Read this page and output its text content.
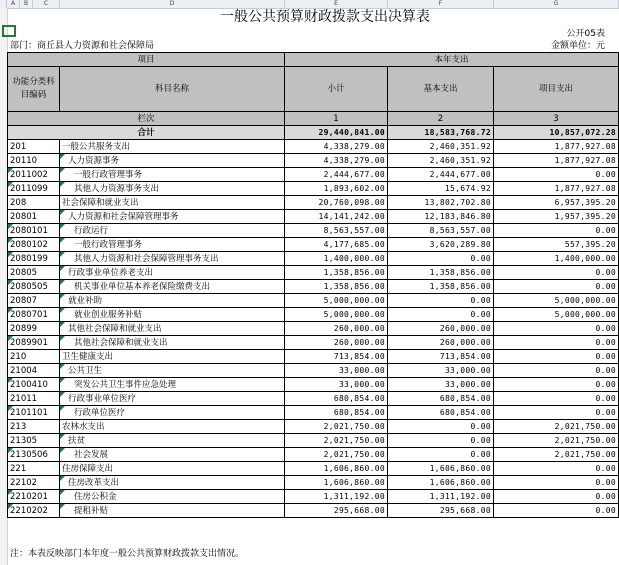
A	B	C	D	E	F	G
一般公共预算财政拨款支出决算表
公开05表
部门：商丘县人力资源和社会保障局	金额单位：元
项目		本年支出		
功能分类科目编码	科目名称	小计	基本支出	项目支出
栏次		1	2	3
合计		29,440,841.00	18,583,768.72	10,857,072.28
201	一般公共服务支出	4,338,279.00	2,460,351.92	1,877,927.08
20110	人力资源事务	4,338,279.00	2,460,351.92	1,877,927.08
2011002	一般行政管理事务	2,444,677.00	2,444,677.00	0.00
2011099	其他人力资源事务支出	1,893,602.00	15,674.92	1,877,927.08
208	社会保障和就业支出	20,760,098.00	13,802,702.80	6,957,395.20
20801	人力资源和社会保障管理事务	14,141,242.00	12,183,846.80	1,957,395.20
2080101	行政运行	8,563,557.00	8,563,557.00	0.00
2080102	一般行政管理事务	4,177,685.00	3,620,289.80	557,395.20
2080199	其他人力资源和社会保障管理事务支出	1,400,000.00	0.00	1,400,000.00
20805	行政事业单位养老支出	1,358,856.00	1,358,856.00	0.00
2080505	机关事业单位基本养老保险缴费支出	1,358,856.00	1,358,856.00	0.00
20807	就业补助	5,000,000.00	0.00	5,000,000.00
2080701	就业创业服务补贴	5,000,000.00	0.00	5,000,000.00
20899	其他社会保障和就业支出	260,000.00	260,000.00	0.00
2089901	其他社会保障和就业支出	260,000.00	260,000.00	0.00
210	卫生健康支出	713,854.00	713,854.00	0.00
21004	公共卫生	33,000.00	33,000.00	0.00
2100410	突发公共卫生事件应急处理	33,000.00	33,000.00	0.00
21011	行政事业单位医疗	680,854.00	680,854.00	0.00
2101101	行政单位医疗	680,854.00	680,854.00	0.00
213	农林水支出	2,021,750.00	0.00	2,021,750.00
21305	扶贫	2,021,750.00	0.00	2,021,750.00
2130506	社会发展	2,021,750.00	0.00	2,021,750.00
221	住房保障支出	1,606,860.00	1,606,860.00	0.00
22102	住房改革支出	1,606,860.00	1,606,860.00	0.00
2210201	住房公积金	1,311,192.00	1,311,192.00	0.00
2210202	提租补贴	295,668.00	295,668.00	0.00
注：本表反映部门本年度一般公共预算财政拨款支出情况。
